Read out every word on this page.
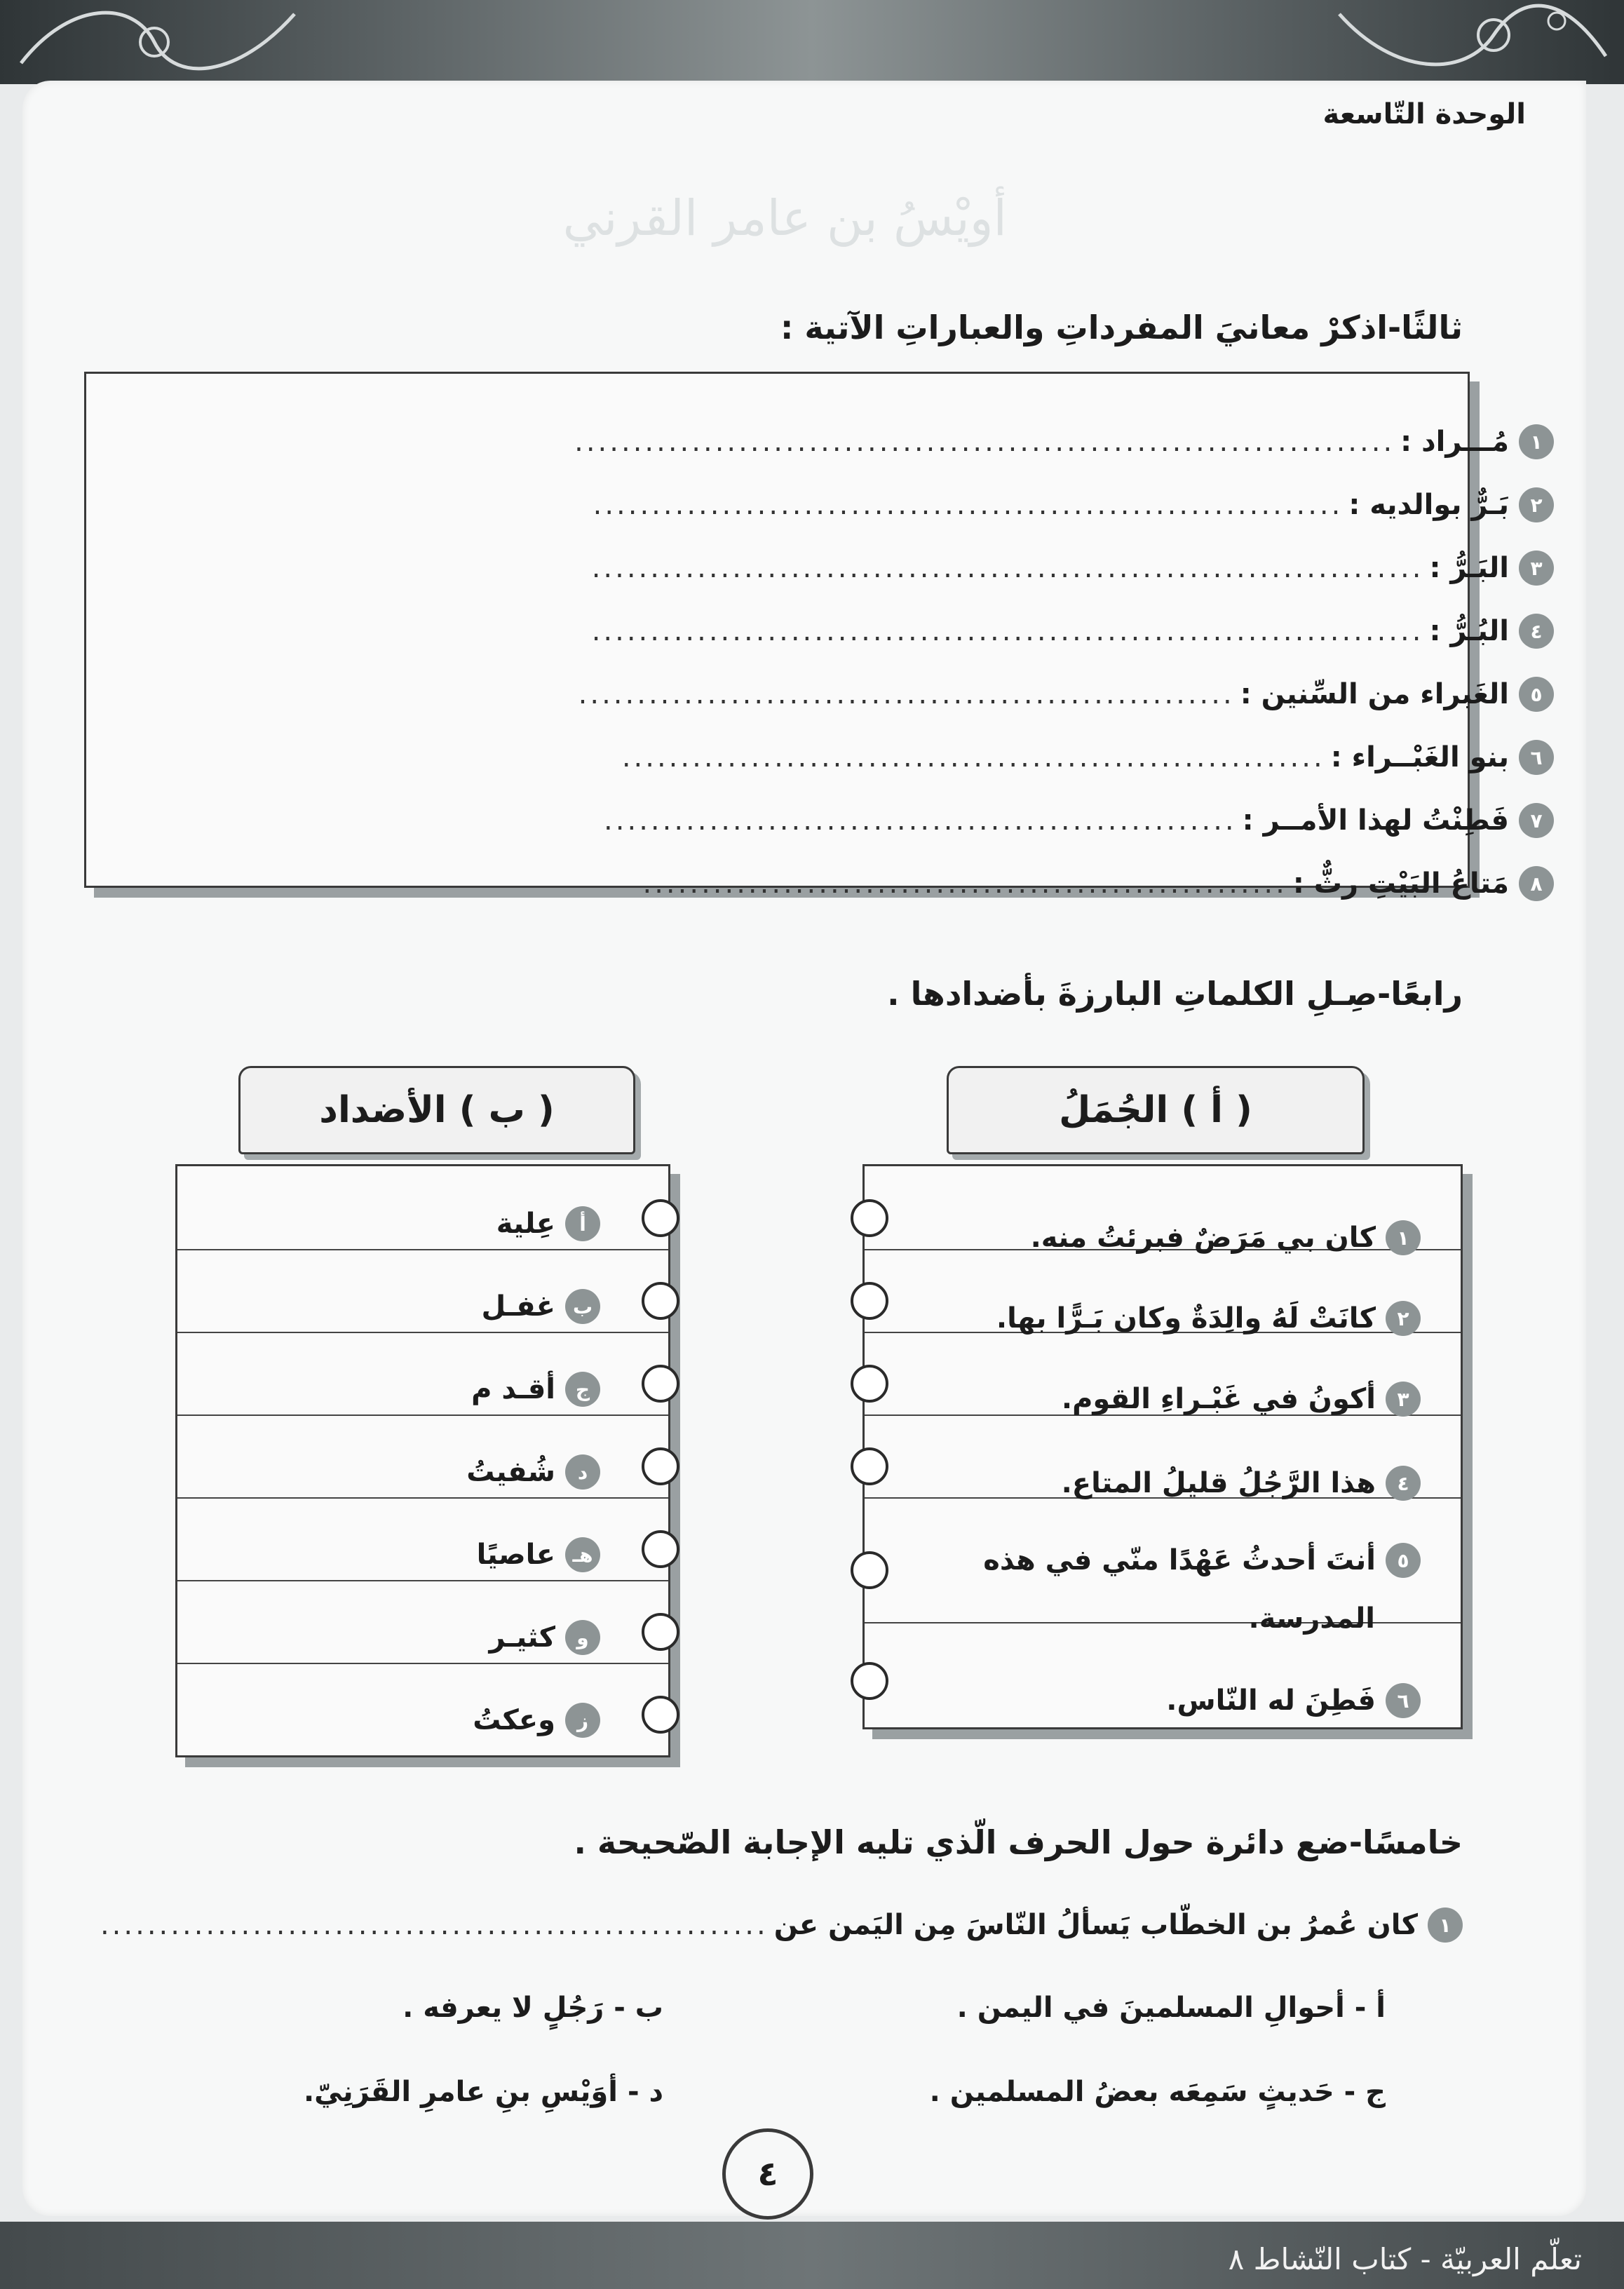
تعلّم العربيّة - كتاب النّشاط ٨
الوحدة التّاسعة
أويْسُ بن عامر القرني
ثالثًا-اذكرْ معانيَ المفرداتِ والعباراتِ الآتية :
١
مُـــراد :
......................................................................
٢
بَـرٌّ بوالديه :
................................................................
٣
البَـرُّ :
.......................................................................
٤
البُـرُّ :
.......................................................................
٥
الغَبراء من السِّنين :
........................................................
٦
بنو الغَبْــراء :
............................................................
٧
فَطِنْتُ لهذا الأمــر :
......................................................
٨
مَتاعُ البَيْتِ رثٌّ :
.......................................................
رابعًا-صِـلِ الكلماتِ البارزةَ بأضدادها .
( أ ) الجُمَلُ
( ب ) الأضداد
١
كان بي مَرَضٌ فبرئتُ منه.
٢
كانَتْ لَهُ والِدَةٌ وكان بَـرًّا بها.
٣
أكونُ في غَبْـراءِ القوم.
٤
هذا الرَّجُلُ قليلُ المتاع.
٥
أنتَ أحدثُ عَهْدًا منّي في هذه
المدرسة.
٦
فَطِنَ له النّاس.
أ
عِلية
ب
غفـل
ج
أقـد م
د
شُفيتُ
هـ
عاصيًا
و
كثيـر
ز
وعكتُ
خامسًا-ضع دائرة حول الحرف الّذي تليه الإجابة الصّحيحة .
١
كان عُمرُ بن الخطّاب يَسألُ النّاسَ مِن اليَمن عن
.........................................................
أ - أحوالِ المسلمينَ في اليمن .
ب - رَجُلٍ لا يعرفه .
ج - حَديثٍ سَمِعَه بعضُ المسلمين .
د - أوَيْسِ بنِ عامرِ القَرَنِيّ.
٤
